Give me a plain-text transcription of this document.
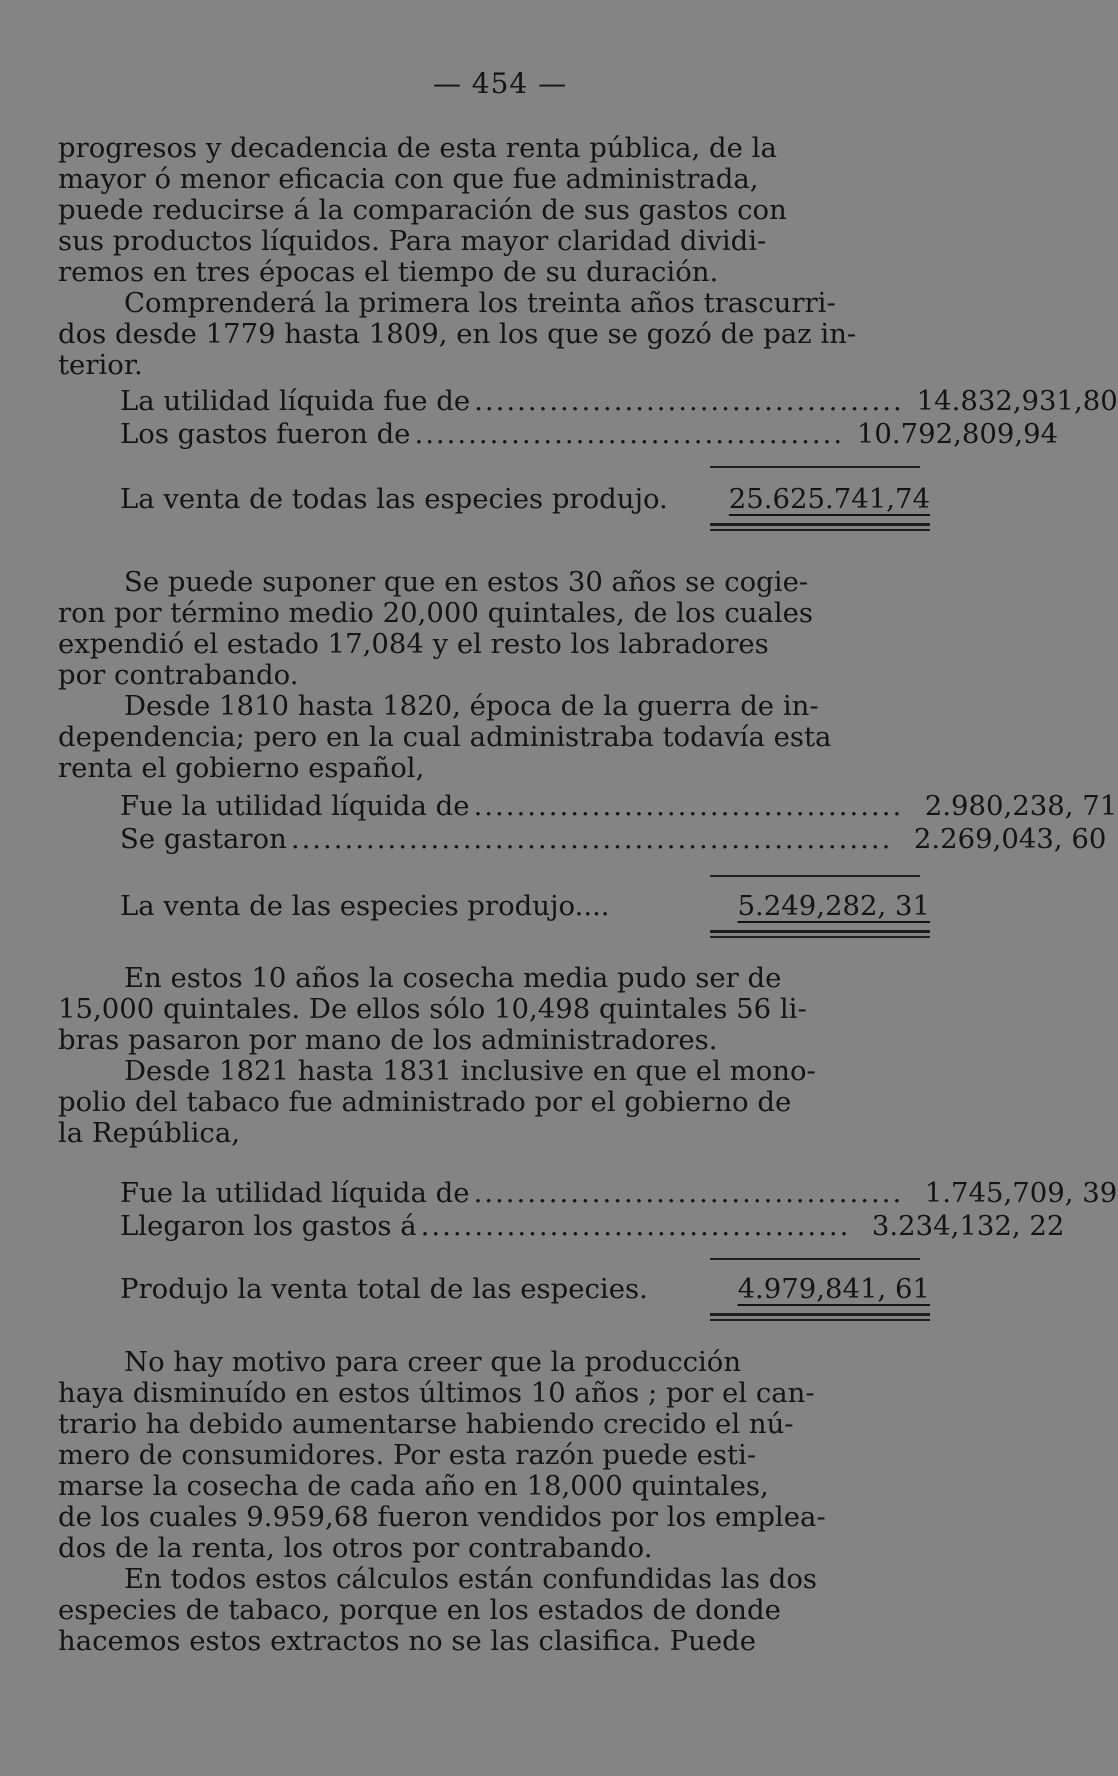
— 454 —
progresos y decadencia de esta renta pública, de la
mayor ó menor eficacia con que fue administrada,
puede reducirse á la comparación de sus gastos con
sus productos líquidos. Para mayor claridad dividi-
remos en tres épocas el tiempo de su duración.
Comprenderá la primera los treinta años trascurri-
dos desde 1779 hasta 1809, en los que se gozó de paz in-
terior.
La utilidad líquida fue de ........................................ 14.832,931,80
Los gastos fueron de ........................................ 10.792,809,94
La venta de todas las especies produjo.	25.625.741,74
Se puede suponer que en estos 30 años se cogie-
ron por término medio 20,000 quintales, de los cuales
expendió el estado 17,084 y el resto los labradores
por contrabando.
Desde 1810 hasta 1820, época de la guerra de in-
dependencia; pero en la cual administraba todavía esta
renta el gobierno español,
Fue la utilidad líquida de ........................................ 2.980,238, 71
Se gastaron ........................................................ 2.269,043, 60
La venta de las especies produjo....	5.249,282, 31
En estos 10 años la cosecha media pudo ser de
15,000 quintales. De ellos sólo 10,498 quintales 56 li-
bras pasaron por mano de los administradores.
Desde 1821 hasta 1831 inclusive en que el mono-
polio del tabaco fue administrado por el gobierno de
la República,
Fue la utilidad líquida de ........................................ 1.745,709, 39
Llegaron los gastos á ........................................ 3.234,132, 22
Produjo la venta total de las especies.	4.979,841, 61
No hay motivo para creer que la producción
haya disminuído en estos últimos 10 años ; por el can-
trario ha debido aumentarse habiendo crecido el nú-
mero de consumidores. Por esta razón puede esti-
marse la cosecha de cada año en 18,000 quintales,
de los cuales 9.959,68 fueron vendidos por los emplea-
dos de la renta, los otros por contrabando.
En todos estos cálculos están confundidas las dos
especies de tabaco, porque en los estados de donde
hacemos estos extractos no se las clasifica. Puede
